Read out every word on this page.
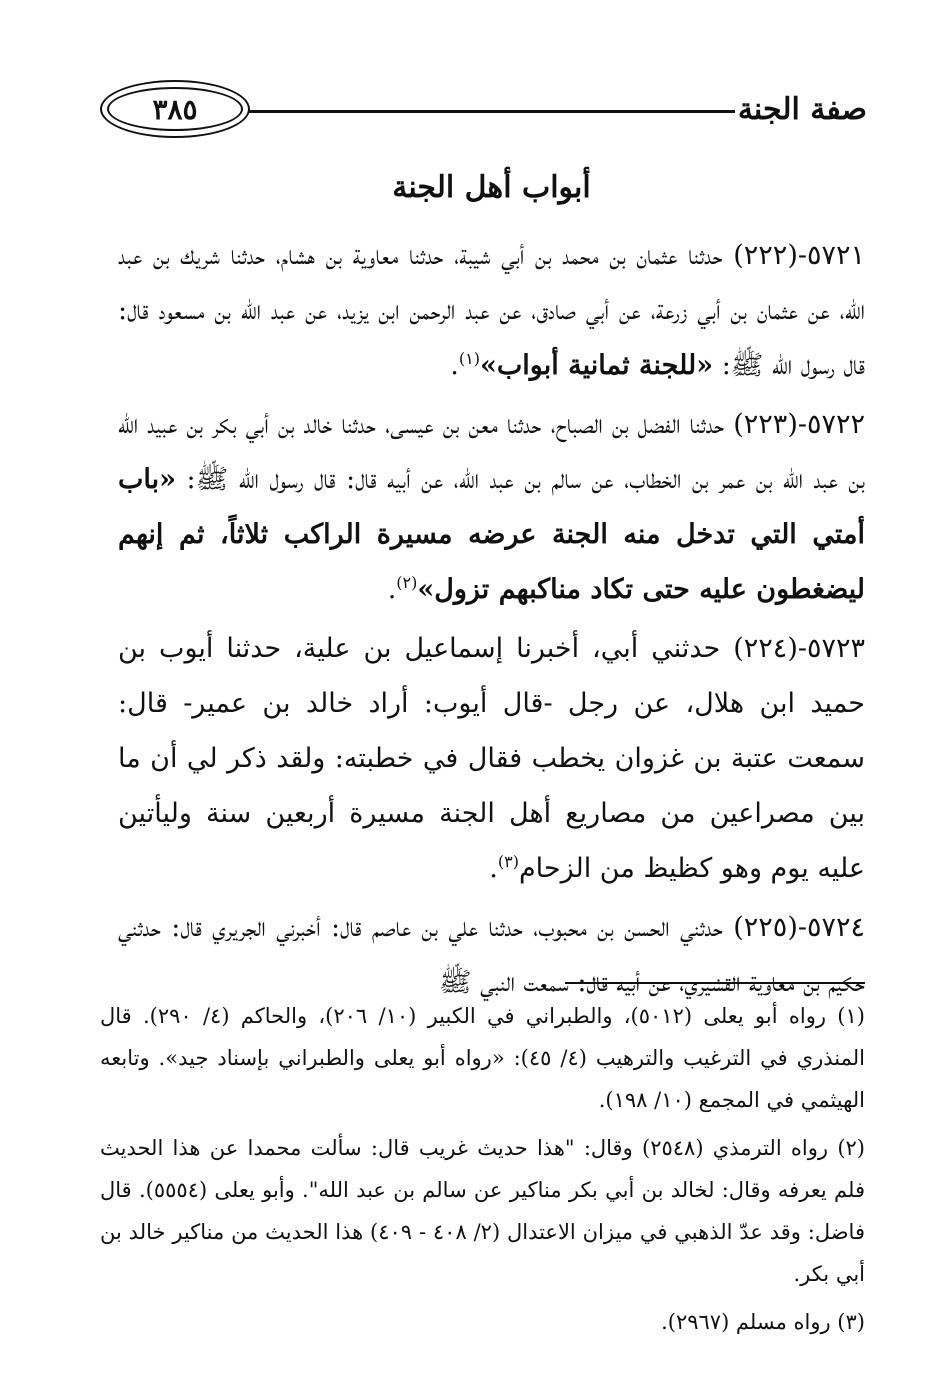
صفة الجنة
٣٨٥
أبواب أهل الجنة

٥٧٢١-(٢٢٢) حدثنا عثمان بن محمد بن أبي شيبة، حدثنا معاوية بن هشام، حدثنا شريك بن عبد الله، عن عثمان بن أبي زرعة، عن أبي صادق، عن عبد الرحمن ابن يزيد، عن عبد الله بن مسعود قال: قال رسول الله ﷺ: «للجنة ثمانية أبواب»$^{(١)}$.

٥٧٢٢-(٢٢٣) حدثنا الفضل بن الصباح، حدثنا معن بن عيسى، حدثنا خالد بن أبي بكر بن عبيد الله بن عبد الله بن عمر بن الخطاب، عن سالم بن عبد الله، عن أبيه قال: قال رسول الله ﷺ: «باب أمتي التي تدخل منه الجنة عرضه مسيرة الراكب ثلاثاً، ثم إنهم ليضغطون عليه حتى تكاد مناكبهم تزول»$^{(٢)}$.

٥٧٢٣-(٢٢٤) حدثني أبي، أخبرنا إسماعيل بن علية، حدثنا أيوب بن حميد ابن هلال، عن رجل -قال أيوب: أراد خالد بن عمير- قال: سمعت عتبة بن غزوان يخطب فقال في خطبته: ولقد ذكر لي أن ما بين مصراعين من مصاريع أهل الجنة مسيرة أربعين سنة وليأتين عليه يوم وهو كظيظ من الزحام$^{(٣)}$.

٥٧٢٤-(٢٢٥) حدثني الحسن بن محبوب، حدثنا علي بن عاصم قال: أخبرني الجريري قال: حدثني حكيم بن معاوية القشيري، عن أبيه قال: سمعت النبي ﷺ

(١) رواه أبو يعلى (٥٠١٢)، والطبراني في الكبير (١٠/ ٢٠٦)، والحاكم (٤/ ٢٩٠). قال المنذري في الترغيب والترهيب (٤/ ٤٥): «رواه أبو يعلى والطبراني بإسناد جيد». وتابعه الهيثمي في المجمع (١٠/ ١٩٨).

(٢) رواه الترمذي (٢٥٤٨) وقال: "هذا حديث غريب قال: سألت محمدا عن هذا الحديث فلم يعرفه وقال: لخالد بن أبي بكر مناكير عن سالم بن عبد الله". وأبو يعلى (٥٥٥٤). قال فاضل: وقد عدّ الذهبي في ميزان الاعتدال (٢/ ٤٠٨ - ٤٠٩) هذا الحديث من مناكير خالد بن أبي بكر.

(٣) رواه مسلم (٢٩٦٧).
